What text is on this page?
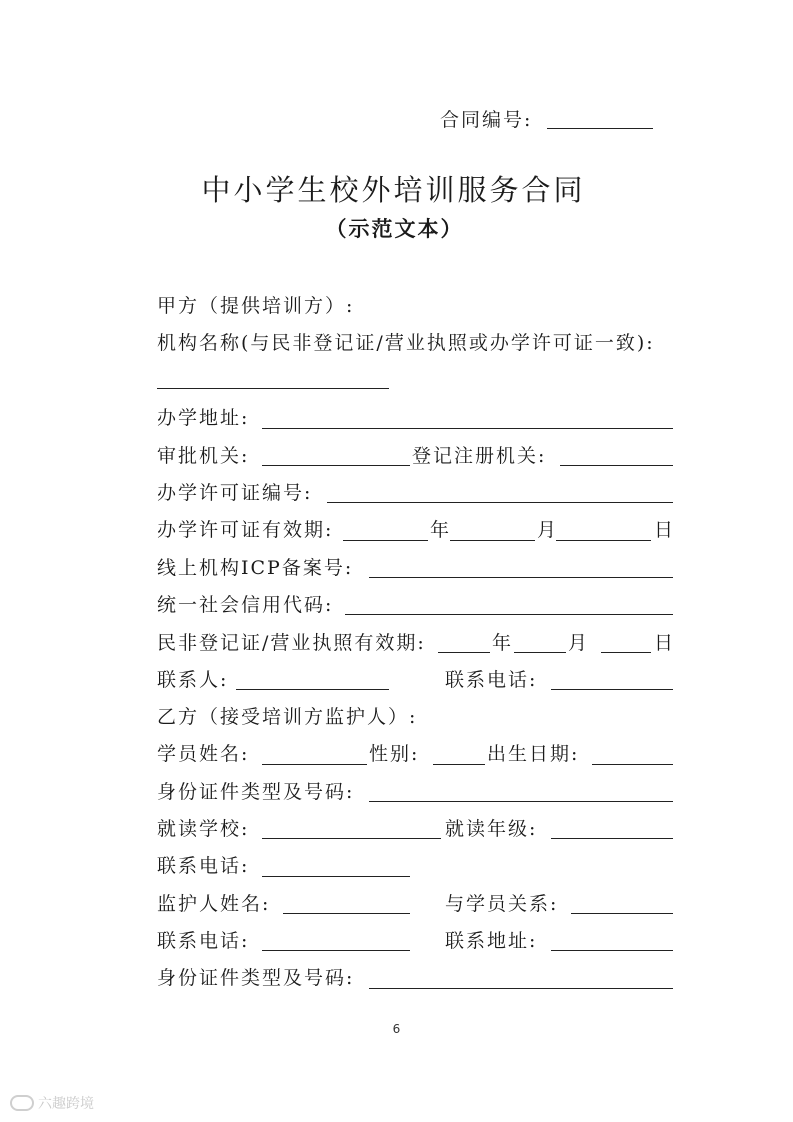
合同编号:
中小学生校外培训服务合同
（示范文本）
甲方（提供培训方）:
机构名称(与民非登记证/营业执照或办学许可证一致):
办学地址:
审批机关:	登记注册机关:
办学许可证编号:
办学许可证有效期:	年	月	日
线上机构ICP备案号:
统一社会信用代码:
民非登记证/营业执照有效期:	年	月	日
联系人:	联系电话:
乙方（接受培训方监护人）:
学员姓名:	性别:	出生日期:
身份证件类型及号码:
就读学校:	就读年级:
联系电话:
监护人姓名:	与学员关系:
联系电话:	联系地址:
身份证件类型及号码:
6
六趣跨境
